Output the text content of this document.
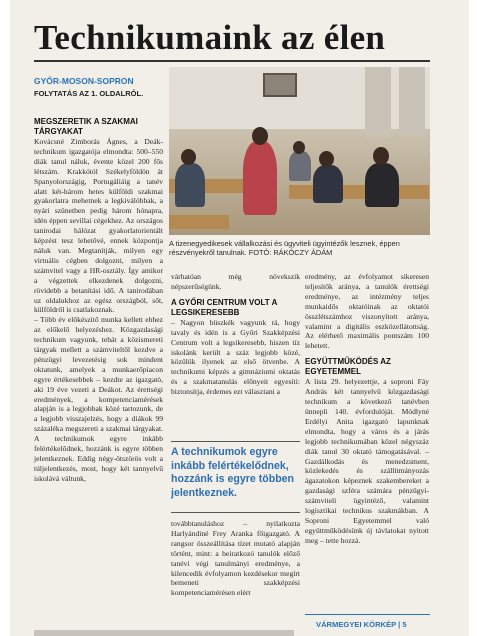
Technikumaink az élen
GYŐR-MOSON-SOPRON
FOLYTATÁS AZ 1. OLDALRÓL.
MEGSZERETIK A SZAKMAI TÁRGYAKAT

Kovácsné Zimborás Ágnes, a Deák-technikum igazgatója elmondta: 500–550 diák tanul náluk, évente közel 200 fős létszám. Krakkótól Székelyföldön át Spanyolországig, Portugáliáig a tanév alatt két-három hetes külföldi szakmai gyakorlatra mehetnek a legkiválóbbak, a nyári szünetben pedig három hónapra, idén éppen sevillai cégekhez. Az országos tanirodai hálózat gyakorlatorientált képzést tesz lehetővé, ennek központja náluk van. Megtanítják, milyen egy virtuális cégben dolgozni, milyen a számvitel vagy a HR-osztály. Így amikor a végzettek elkezdenek dolgozni, rövidebb a betanítási idő. A tanirodában uz oldalukhoz az egész országból, sőt, külföldről is csatlakoznak.

– Több év előkészítő munka kellett ehhez az előkelő helyezéshez. Közgazdasági technikum vagyunk, tehát a közismereti tárgyak mellett a számviteltől kezdve a pénzügyi levezetésig sok mindent oktatunk, amelyek a munkaerőpiacon egyre értékesebbek – kezdte az igazgató, aki 19 éve vezeti a Deákot. Az érettségi eredmények, a kompetenciamérések alapján is a legjobbak közé tartozunk, de a legjobb visszajelzés, hogy a diákok 99 százaléka megszereti a szakmai tárgyakat. A technikumok egyre inkább felértékelődnek, hozzánk is egyre többen jelentkeznek. Eddig négy-ötszörös volt a túljelentkezés, most, hogy két tannyelvű iskolává váltunk,

A tizenegyedikesek vállalkozási és ügyviteli ügyintézők lesznek, éppen részvényekről tanulnak. FOTÓ: RÁKÓCZY ÁDÁM

várhatóan még növekszik népszerűségünk.

A GYŐRI CENTRUM VOLT A LEGSIKERESEBB

– Nagyon büszkék vagyunk rá, hogy tavaly és idén is a Győri Szakképzési Centrum volt a legsikeresebb, hiszen tíz iskolánk került a száz legjobb közé, közülük ilyenek az első ötvenbe. A technikumi képzés a gimnáziumi oktatás és a szakmatanulás előnyeit egyesíti: biztonsítja, érdemes ezt választani a

A technikumok egyre inkább felértékelődnek, hozzánk is egyre többen jelentkeznek.

továbbtanuláshoz – nyilatkozta Harlyándiné Frey Aranka főigazgató. A rangsor összeállítása tízet mutató alapján történt, mint: a beiratkozó tanulók előző tanévi végi tanulmányi eredménye, a kilencedik évfolyamon kezdésekor megírt bemeneti szakképzési kompetenciamérésen elért

eredmény, az évfolyamot sikeresen teljesítők aránya, a tanulók érettségi eredménye, az intézmény teljes munkaidős oktatóinak az oktatói összlétszámhoz viszonyított aránya, valamint a digitális eszközellátottság. Az elérhető maximális pontszám 100 lehetett.

EGYÜTTMŰKÖDÉS AZ EGYETEMMEL

A lista 29. helyezettje, a soproni Fáy András két tannyelvű közgazdasági technikum a következő tanévben ünnepli 140. évfordulóját. Módlyné Erdélyi Anita igazgató lapunknak elmondta, hogy a város és a járás legjobb technikumában közel négyszáz diák tanul 30 oktató támogatásával. – Gazdálkodás és menedzsment, közlekedés és szállítmányozás ágazatokon képeznek szakembereket a gazdasági szféra számára pénzügyi-számviteli ügyintéző, valamint logisztikai technikus szakmákban. A Soproni Egyetemmel való együttműködésünk új távlatokat nyitott meg – tette hozzá.

VÁRMEGYEI KÖRKÉP | 5
